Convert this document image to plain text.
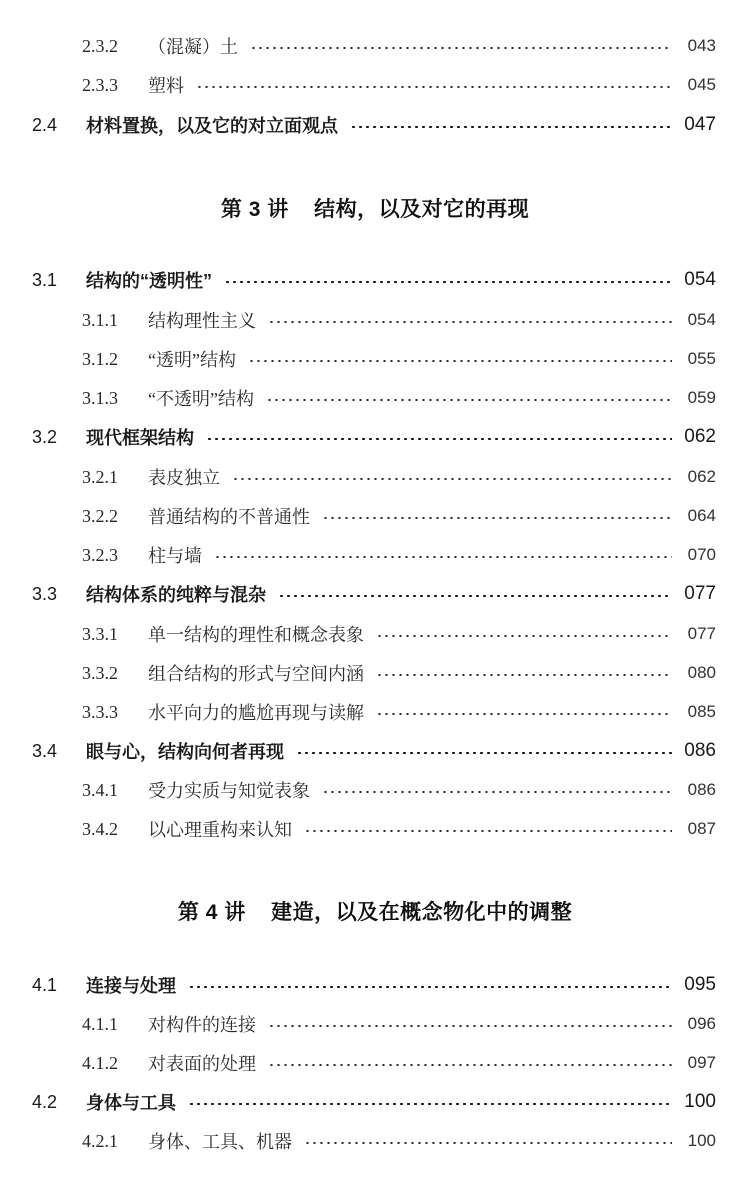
2.3.2	（混凝）土	043
2.3.3	塑料	045
2.4	材料置换，以及它的对立面观点	047
第 3 讲 结构，以及对它的再现
3.1	结构的“透明性”	054
3.1.1	结构理性主义	054
3.1.2	“透明”结构	055
3.1.3	“不透明”结构	059
3.2	现代框架结构	062
3.2.1	表皮独立	062
3.2.2	普通结构的不普通性	064
3.2.3	柱与墙	070
3.3	结构体系的纯粹与混杂	077
3.3.1	单一结构的理性和概念表象	077
3.3.2	组合结构的形式与空间内涵	080
3.3.3	水平向力的尴尬再现与读解	085
3.4	眼与心，结构向何者再现	086
3.4.1	受力实质与知觉表象	086
3.4.2	以心理重构来认知	087
第 4 讲 建造，以及在概念物化中的调整
4.1	连接与处理	095
4.1.1	对构件的连接	096
4.1.2	对表面的处理	097
4.2	身体与工具	100
4.2.1	身体、工具、机器	100
